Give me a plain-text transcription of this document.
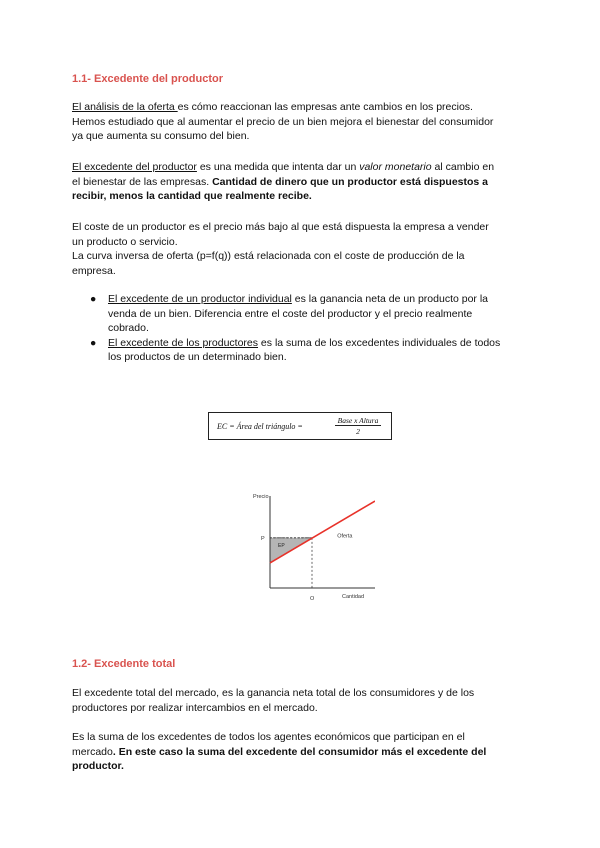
1.1- Excedente del productor

El análisis de la oferta es cómo reaccionan las empresas ante cambios en los precios.
Hemos estudiado que al aumentar el precio de un bien mejora el bienestar del consumidor
ya que aumenta su consumo del bien.

El excedente del productor es una medida que intenta dar un valor monetario al cambio en
el bienestar de las empresas. Cantidad de dinero que un productor está dispuestos a
recibir, menos la cantidad que realmente recibe.

El coste de un productor es el precio más bajo al que está dispuesta la empresa a vender
un producto o servicio.
La curva inversa de oferta (p=f(q)) está relacionada con el coste de producción de la
empresa.

● El excedente de un productor individual es la ganancia neta de un producto por la
venda de un bien. Diferencia entre el coste del productor y el precio realmente
cobrado.
● El excedente de los productores es la suma de los excedentes individuales de todos
los productos de un determinado bien.
EC = Área del triángulo =
Base x Altura
2
Precio
Cantidad
P
O
EP
Oferta
1.2- Excedente total

El excedente total del mercado, es la ganancia neta total de los consumidores y de los
productores por realizar intercambios en el mercado.

Es la suma de los excedentes de todos los agentes económicos que participan en el
mercado. En este caso la suma del excedente del consumidor más el excedente del
productor.
